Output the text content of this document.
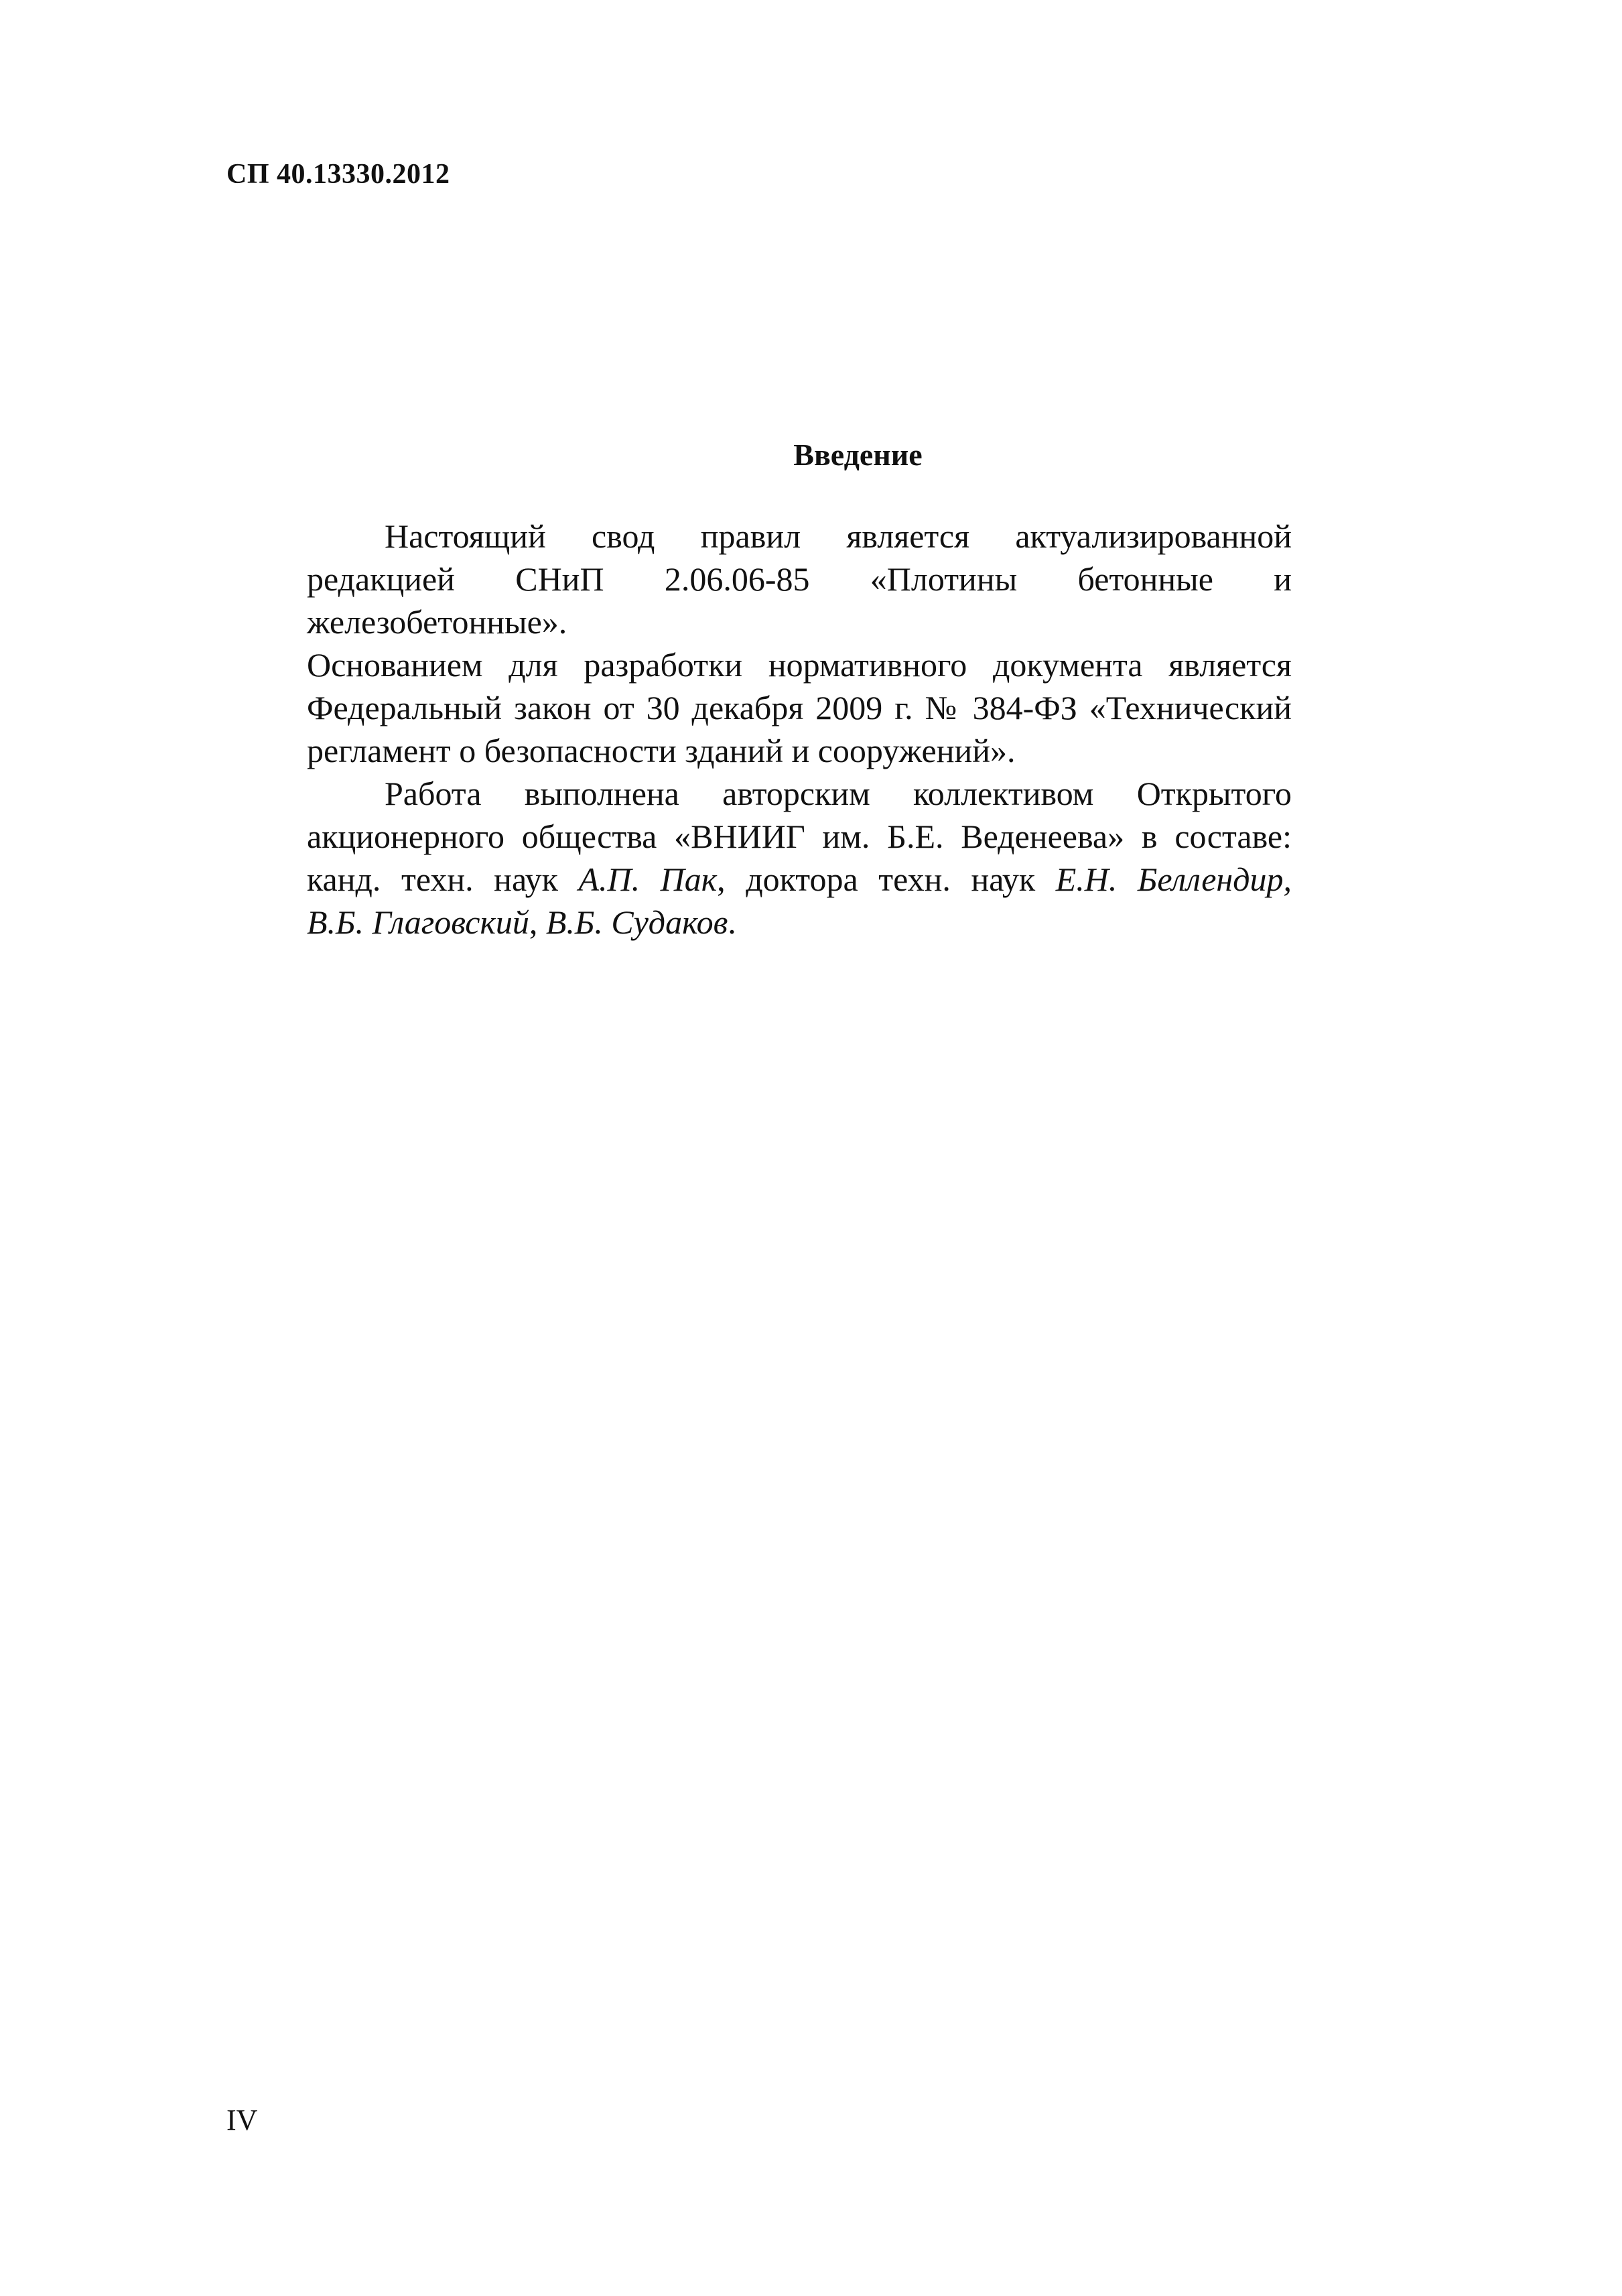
СП 40.13330.2012
Введение

Настоящий свод правил является актуализированной
редакцией СНиП 2.06.06-85 «Плотины бетонные и железобетонные».
Основанием для разработки нормативного документа является
Федеральный закон от 30 декабря 2009 г. № 384-ФЗ «Технический
регламент о безопасности зданий и сооружений».

Работа выполнена авторским коллективом Открытого
акционерного общества «ВНИИГ им. Б.Е. Веденеева» в составе:
канд. техн. наук А.П. Пак, доктора техн. наук Е.Н. Беллендир,
В.Б. Глаговский, В.Б. Судаков.

IV
